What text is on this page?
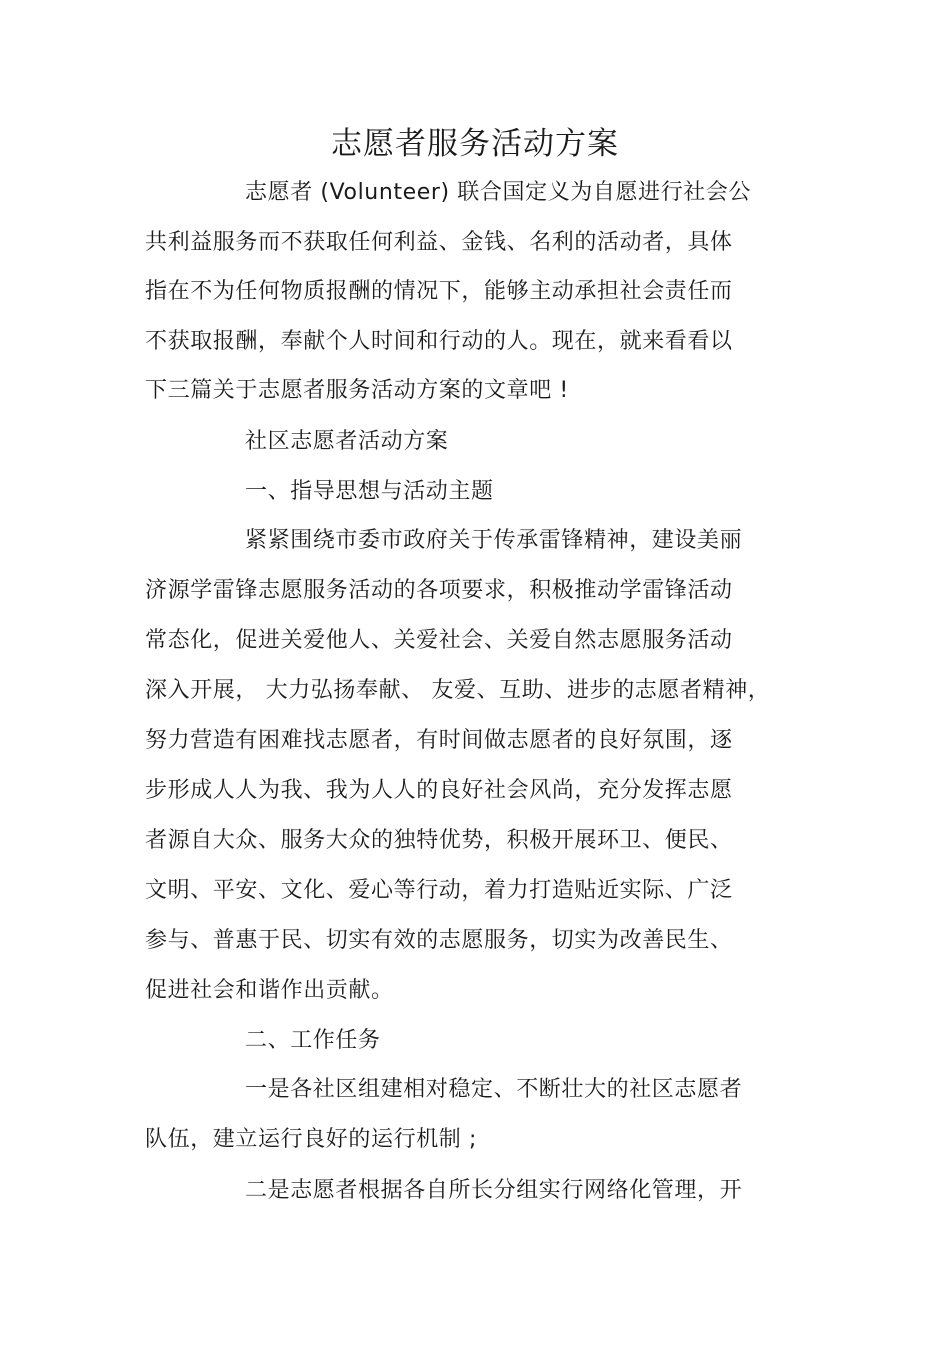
志愿者服务活动方案
志愿者 (Volunteer) 联合国定义为自愿进行社会公
共利益服务而不获取任何利益、金钱、名利的活动者，具体
指在不为任何物质报酬的情况下，能够主动承担社会责任而
不获取报酬，奉献个人时间和行动的人。现在，就来看看以
下三篇关于志愿者服务活动方案的文章吧 !
社区志愿者活动方案
一、指导思想与活动主题
紧紧围绕市委市政府关于传承雷锋精神，建设美丽
济源学雷锋志愿服务活动的各项要求，积极推动学雷锋活动
常态化，促进关爱他人、关爱社会、关爱自然志愿服务活动
深入开展， 大力弘扬奉献、 友爱、互助、进步的志愿者精神，
努力营造有困难找志愿者，有时间做志愿者的良好氛围，逐
步形成人人为我、我为人人的良好社会风尚，充分发挥志愿
者源自大众、服务大众的独特优势，积极开展环卫、便民、
文明、平安、文化、爱心等行动，着力打造贴近实际、广泛
参与、普惠于民、切实有效的志愿服务，切实为改善民生、
促进社会和谐作出贡献。
二、工作任务
一是各社区组建相对稳定、不断壮大的社区志愿者
队伍，建立运行良好的运行机制 ;
二是志愿者根据各自所长分组实行网络化管理，开
